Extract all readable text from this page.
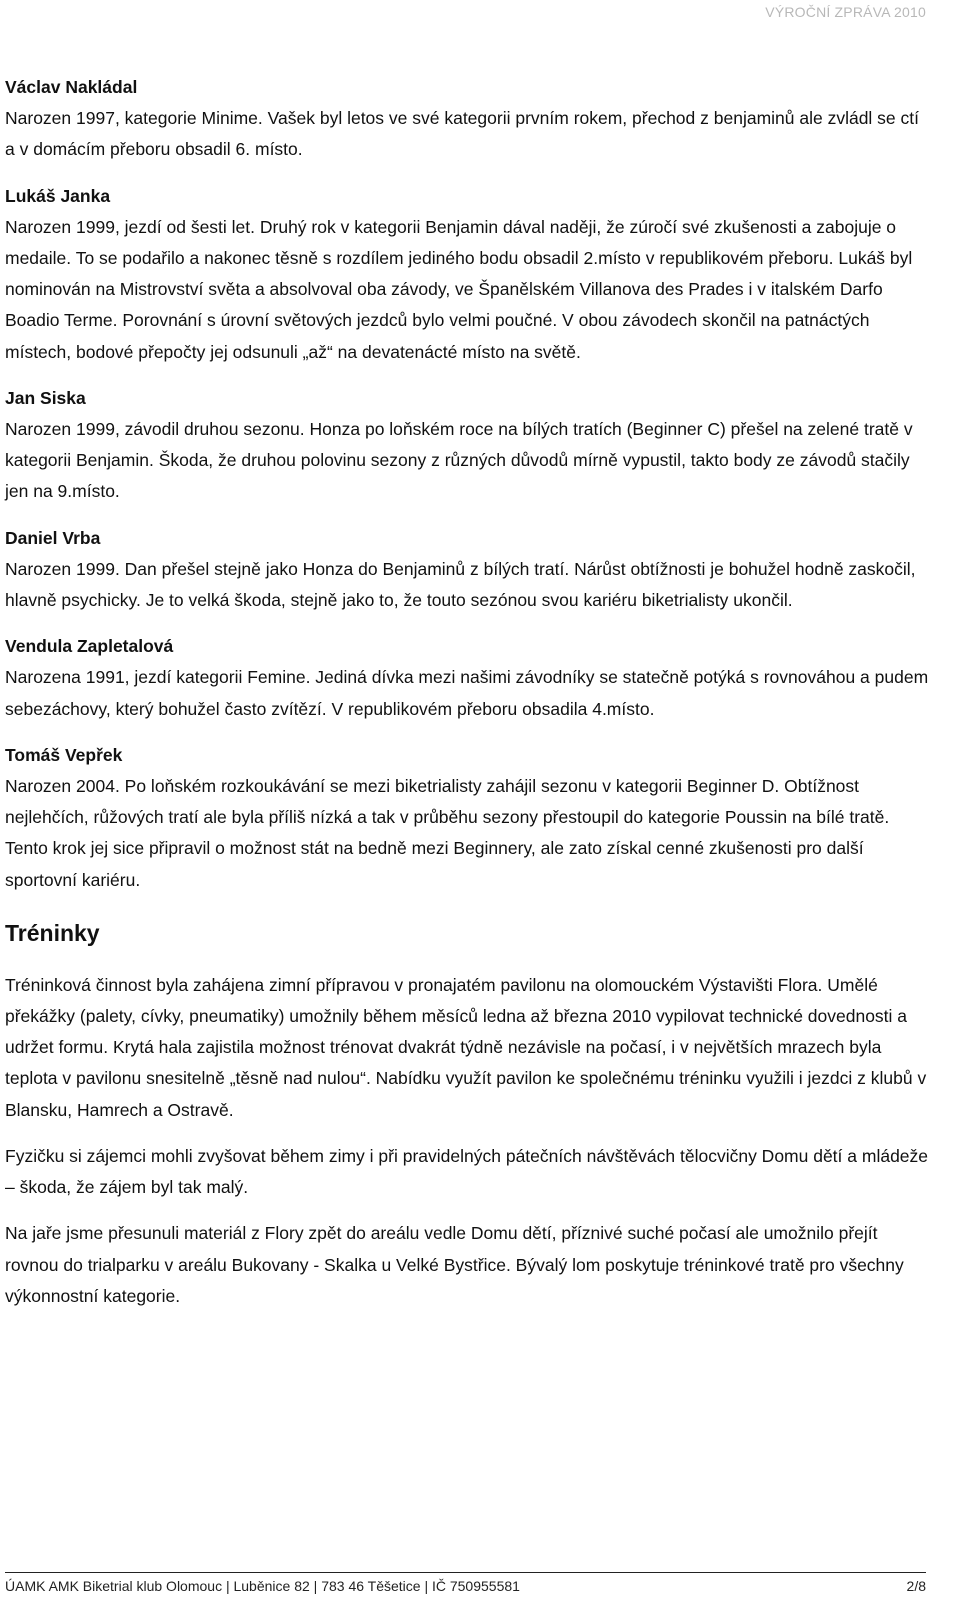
VÝROČNÍ ZPRÁVA 2010

Václav Nakládal

Narozen 1997, kategorie Minime. Vašek byl letos ve své kategorii prvním rokem, přechod z benjaminů ale zvládl se ctí a v domácím přeboru obsadil 6. místo.

Lukáš Janka

Narozen 1999, jezdí od šesti let. Druhý rok v kategorii Benjamin dával naději, že zúročí své zkušenosti a zabojuje o medaile. To se podařilo a nakonec těsně s rozdílem jediného bodu obsadil 2.místo v republikovém přeboru. Lukáš byl nominován na Mistrovství světa a absolvoval oba závody, ve Španělském Villanova des Prades i v italském Darfo Boadio Terme. Porovnání s úrovní světových jezdců bylo velmi poučné. V obou závodech skončil na patnáctých místech, bodové přepočty jej odsunuli „až“ na devatenácté místo na světě.

Jan Siska

Narozen 1999, závodil druhou sezonu. Honza po loňském roce na bílých tratích (Beginner C) přešel na zelené tratě v kategorii Benjamin. Škoda, že druhou polovinu sezony z různých důvodů mírně vypustil, takto body ze závodů stačily jen na 9.místo.

Daniel Vrba

Narozen 1999. Dan přešel stejně jako Honza do Benjaminů z bílých tratí. Nárůst obtížnosti je bohužel hodně zaskočil, hlavně psychicky. Je to velká škoda, stejně jako to, že touto sezónou svou kariéru biketrialisty ukončil.

Vendula Zapletalová

Narozena 1991, jezdí kategorii Femine. Jediná dívka mezi našimi závodníky se statečně potýká s rovnováhou a pudem sebezáchovy, který bohužel často zvítězí. V republikovém přeboru obsadila 4.místo.

Tomáš Vepřek

Narozen 2004. Po loňském rozkoukávání se mezi biketrialisty zahájil sezonu v kategorii Beginner D. Obtížnost nejlehčích, růžových tratí ale byla příliš nízká a tak v průběhu sezony přestoupil do kategorie Poussin na bílé tratě. Tento krok jej sice připravil o možnost stát na bedně mezi Beginnery, ale zato získal cenné zkušenosti pro další sportovní kariéru.

Tréninky

Tréninková činnost byla zahájena zimní přípravou v pronajatém pavilonu na olomouckém Výstavišti Flora. Umělé překážky (palety, cívky, pneumatiky) umožnily během měsíců ledna až března 2010 vypilovat technické dovednosti a udržet formu. Krytá hala zajistila možnost trénovat dvakrát týdně nezávisle na počasí, i v největších mrazech byla teplota v pavilonu snesitelně „těsně nad nulou“. Nabídku využít pavilon ke společnému tréninku využili i jezdci z klubů v Blansku, Hamrech a Ostravě.

Fyzičku si zájemci mohli zvyšovat během zimy i při pravidelných pátečních návštěvách tělocvičny Domu dětí a mládeže – škoda, že zájem byl tak malý.

Na jaře jsme přesunuli materiál z Flory zpět do areálu vedle Domu dětí, příznivé suché počasí ale umožnilo přejít rovnou do trialparku v areálu Bukovany - Skalka u Velké Bystřice. Bývalý lom poskytuje tréninkové tratě pro všechny výkonnostní kategorie.

ÚAMK AMK Biketrial klub Olomouc | Luběnice 82 | 783 46 Těšetice | IČ 750955581	2/8
